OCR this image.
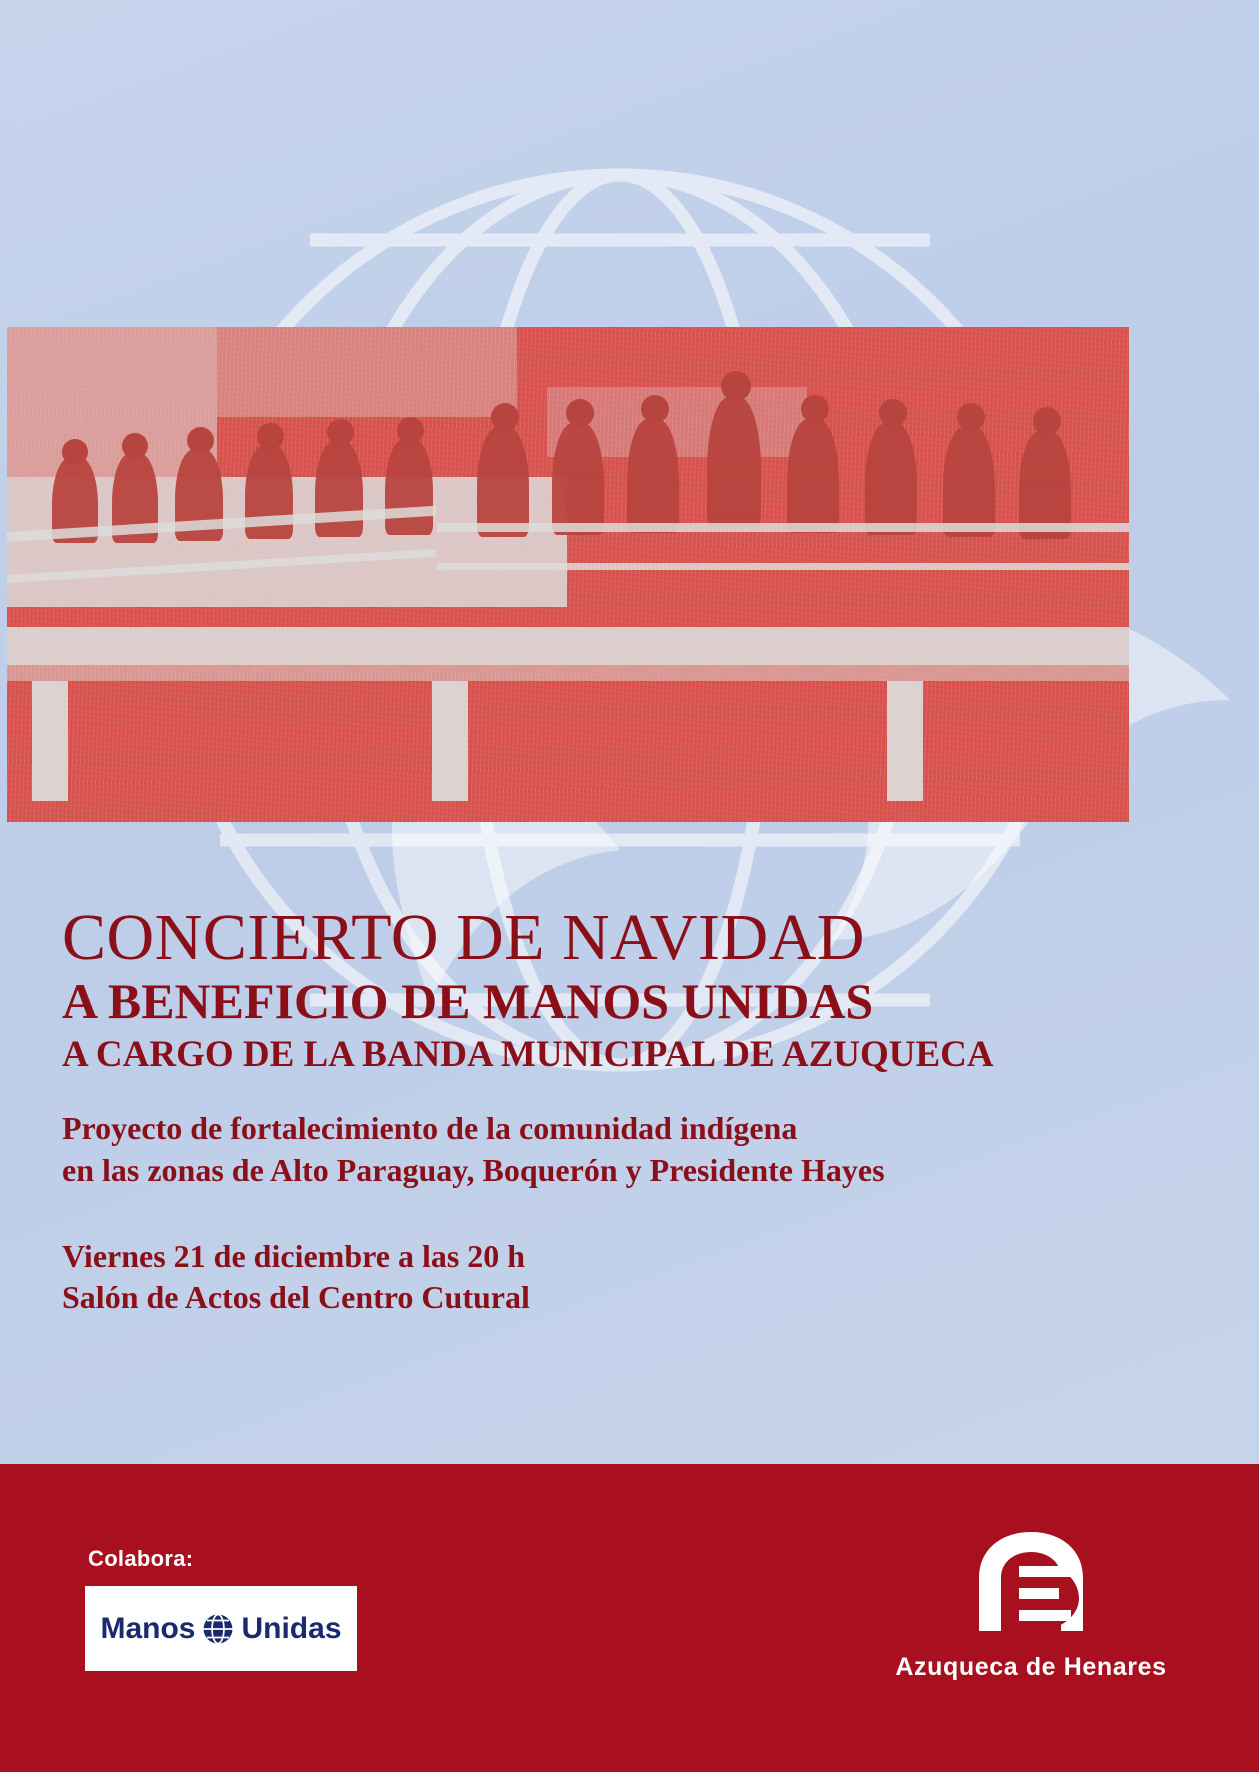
CONCIERTO DE NAVIDAD
A BENEFICIO DE MANOS UNIDAS
A CARGO DE LA BANDA MUNICIPAL DE AZUQUECA
Proyecto de fortalecimiento de la comunidad indígena
en las zonas de Alto Paraguay, Boquerón y Presidente Hayes
Viernes 21 de diciembre a las 20 h
Salón de Actos del Centro Cutural
Colabora:
Manos Unidas
Azuqueca de Henares
